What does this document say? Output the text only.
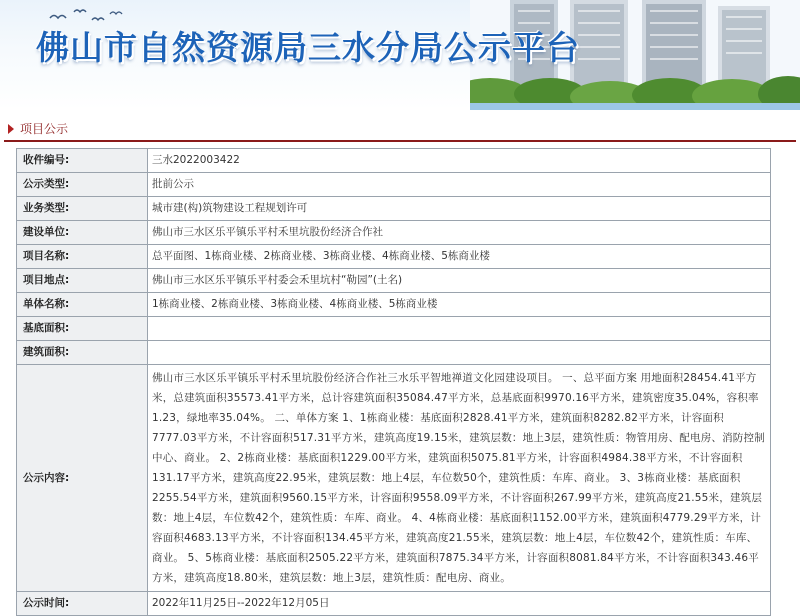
佛山市自然资源局三水分局公示平台
项目公示
收件编号:	三水2022003422
公示类型:	批前公示
业务类型:	城市建(构)筑物建设工程规划许可
建设单位:	佛山市三水区乐平镇乐平村禾里坑股份经济合作社
项目名称:	总平面图、1栋商业楼、2栋商业楼、3栋商业楼、4栋商业楼、5栋商业楼
项目地点:	佛山市三水区乐平镇乐平村委会禾里坑村“勒园”(土名)
单体名称:	1栋商业楼、2栋商业楼、3栋商业楼、4栋商业楼、5栋商业楼
基底面积:	
建筑面积:	
公示内容:	佛山市三水区乐平镇乐平村禾里坑股份经济合作社三水乐平智地禅道文化园建设项目。 一、总平面方案 用地面积28454.41平方米，总建筑面积35573.41平方米，总计容建筑面积35084.47平方米，总基底面积9970.16平方米，建筑密度35.04%，容积率1.23，绿地率35.04%。 二、单体方案 1、1栋商业楼：基底面积2828.41平方米，建筑面积8282.82平方米，计容面积7777.03平方米，不计容面积517.31平方米，建筑高度19.15米，建筑层数：地上3层，建筑性质：物管用房、配电房、消防控制中心、商业。 2、2栋商业楼：基底面积1229.00平方米，建筑面积5075.81平方米，计容面积4984.38平方米，不计容面积131.17平方米，建筑高度22.95米，建筑层数：地上4层，车位数50个，建筑性质：车库、商业。 3、3栋商业楼：基底面积2255.54平方米，建筑面积9560.15平方米，计容面积9558.09平方米，不计容面积267.99平方米，建筑高度21.55米，建筑层数：地上4层，车位数42个，建筑性质：车库、商业。 4、4栋商业楼：基底面积1152.00平方米，建筑面积4779.29平方米，计容面积4683.13平方米，不计容面积134.45平方米，建筑高度21.55米，建筑层数：地上4层，车位数42个，建筑性质：车库、商业。 5、5栋商业楼：基底面积2505.22平方米，建筑面积7875.34平方米，计容面积8081.84平方米，不计容面积343.46平方米，建筑高度18.80米，建筑层数：地上3层，建筑性质：配电房、商业。
公示时间:	2022年11月25日--2022年12月05日
